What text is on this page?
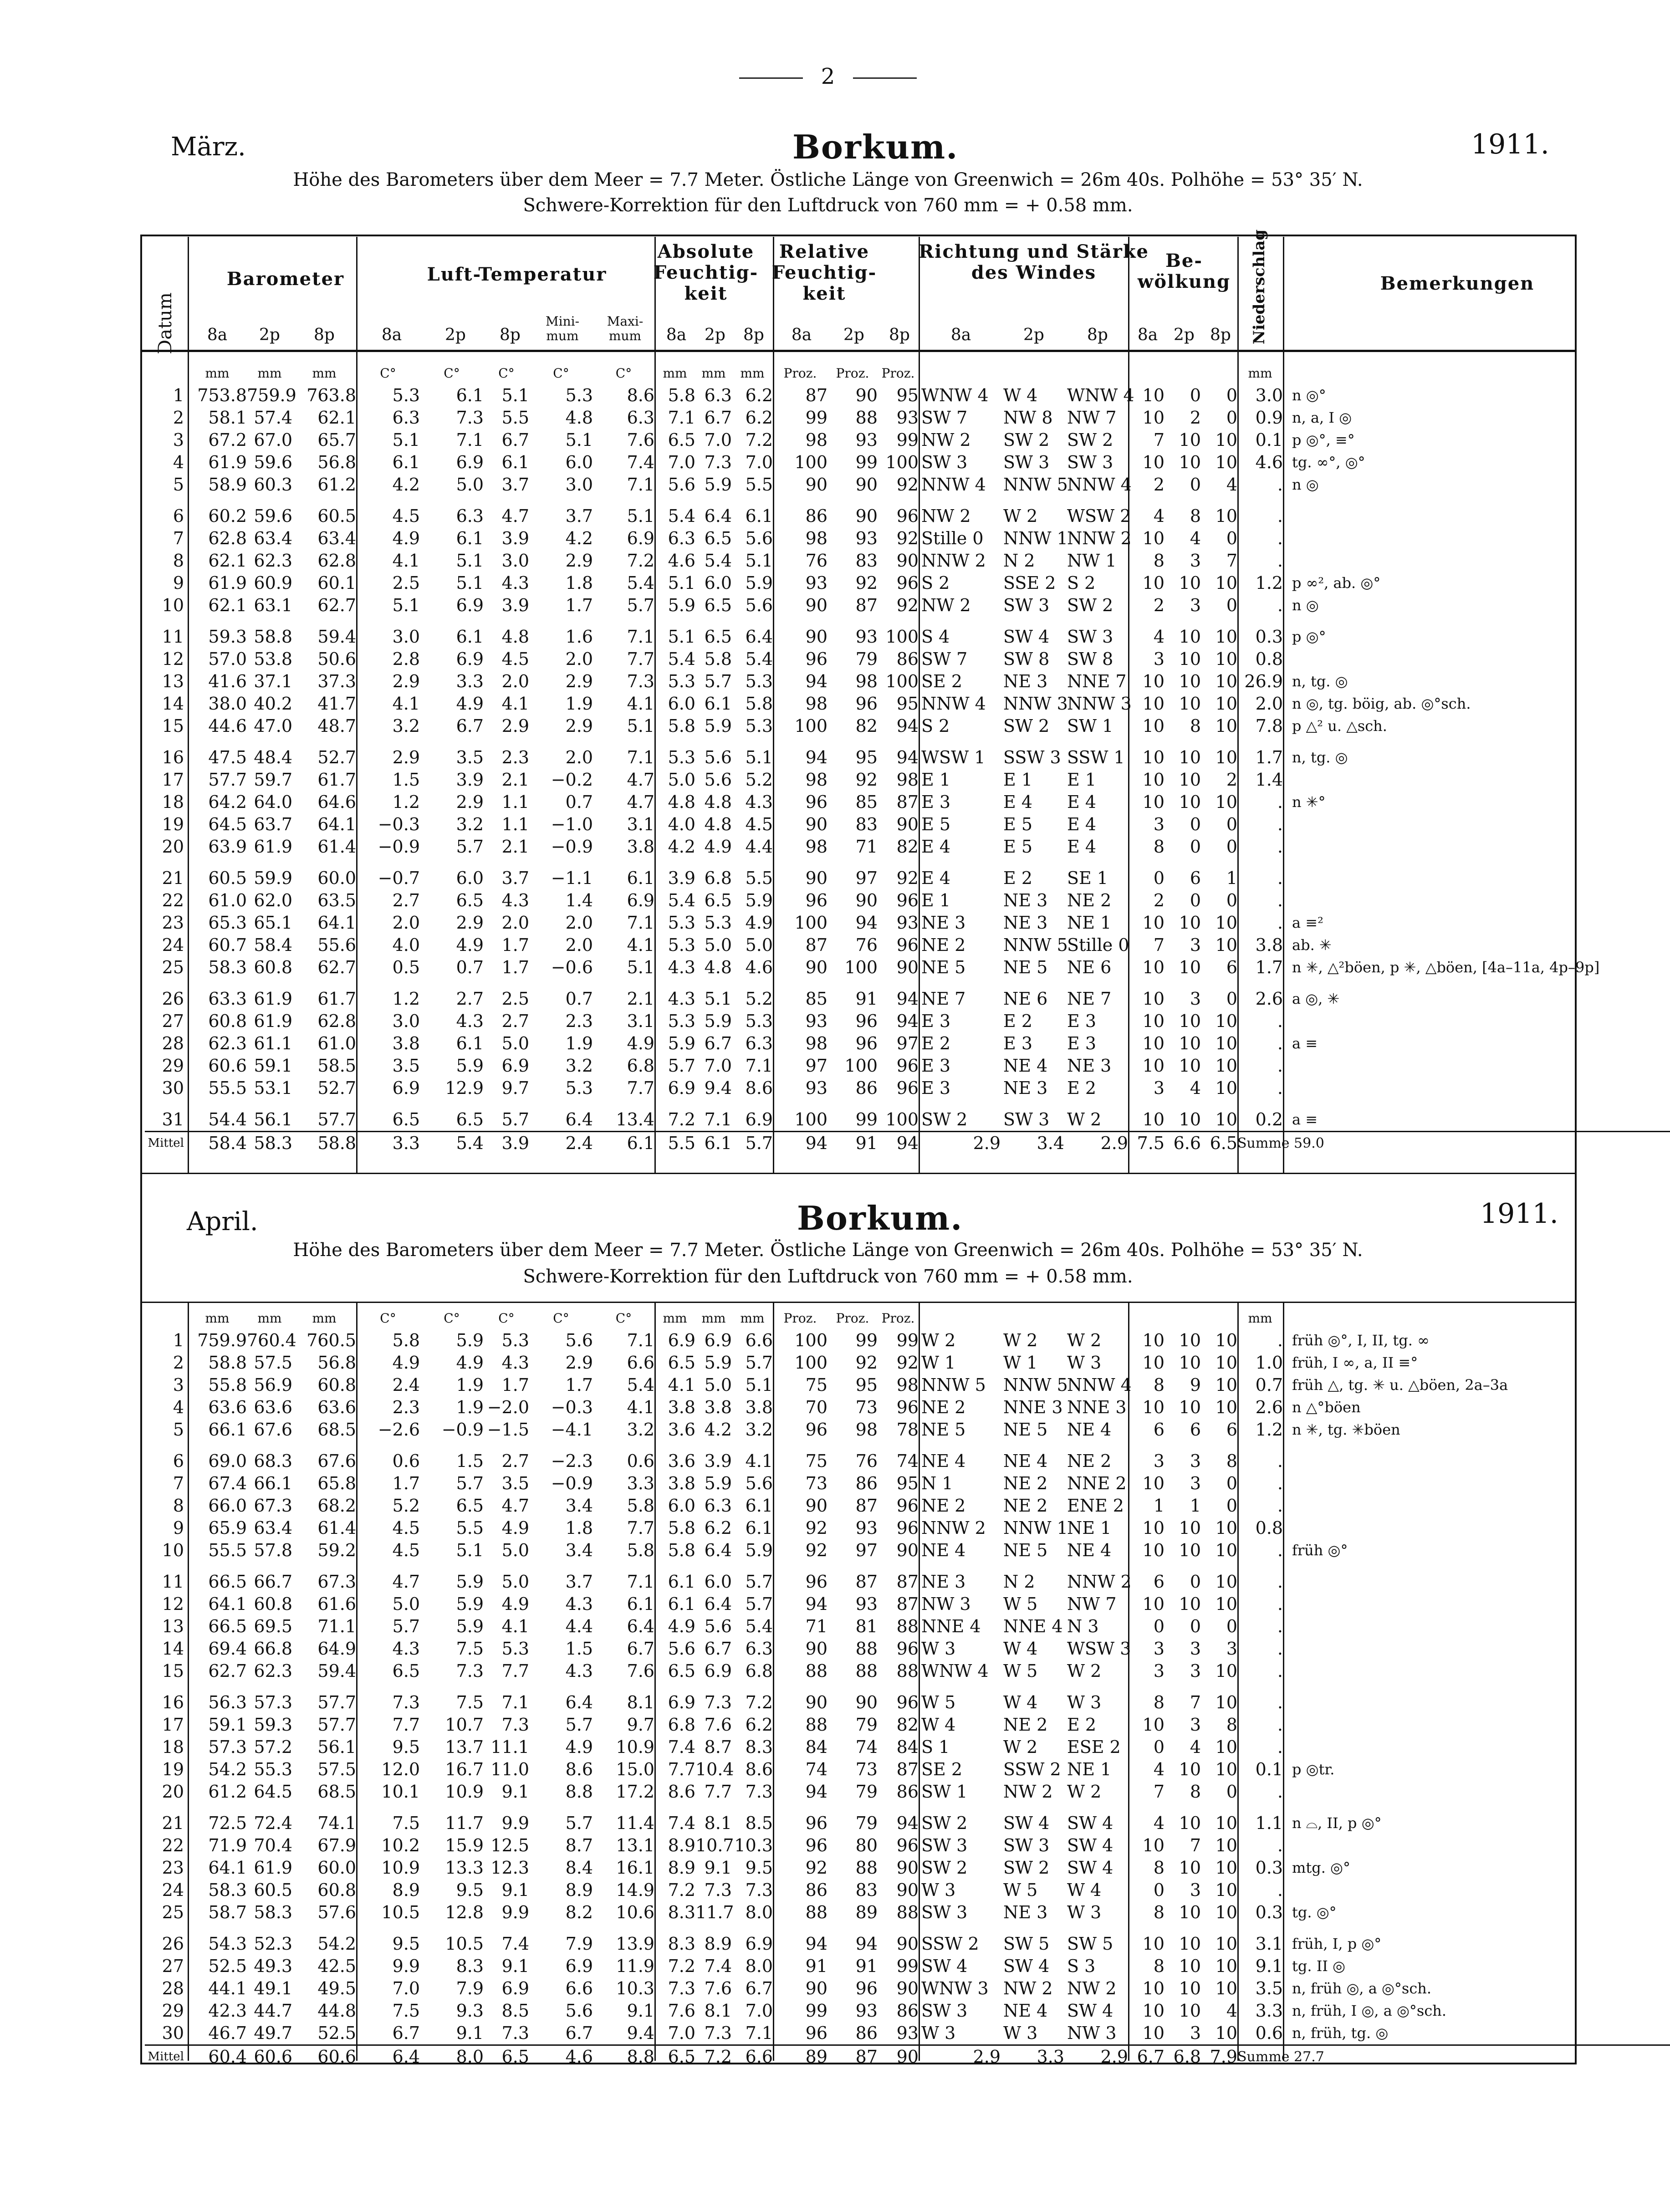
2
März.	Borkum.	1911.
Höhe des Barometers über dem Meer = 7.7 Meter. Östliche Länge von Greenwich = 26m 40s. Polhöhe = 53° 35′ N.
Schwere-Korrektion für den Luftdruck von 760 mm = + 0.58 mm.
April.	Borkum.	1911.
Höhe des Barometers über dem Meer = 7.7 Meter. Östliche Länge von Greenwich = 26m 40s. Polhöhe = 53° 35′ N.
Schwere-Korrektion für den Luftdruck von 760 mm = + 0.58 mm.
Datum
Barometer	Luft-Temperatur
Absolute Feuchtig- keit
Relative Feuchtig- keit
Richtung und Stärke des Windes
Be- wölkung	Niederschlag	Bemerkungen
8a	2p	8p	8a	2p	8p
Mini- mum
Maxi- mum	8a	2p	8p	8a	2p	8p	8a	2p	8p	8a 2p 8p
	mm	mm	mm	C°	C°	C°	C°	C°	mm	mm	mm	Proz.	Proz.	Proz.							mm	
1	753.8	759.9	763.8	5.3	6.1	5.1	5.3	8.6	5.8	6.3	6.2	87	90	95	WNW 4	W 4	WNW 4	10	0	0	3.0	n ◎°
2	58.1	57.4	62.1	6.3	7.3	5.5	4.8	6.3	7.1	6.7	6.2	99	88	93	SW 7	NW 8	NW 7	10	2	0	0.9	n, a, I ◎
3	67.2	67.0	65.7	5.1	7.1	6.7	5.1	7.6	6.5	7.0	7.2	98	93	99	NW 2	SW 2	SW 2	7	10	10	0.1	p ◎°, ≡°
4	61.9	59.6	56.8	6.1	6.9	6.1	6.0	7.4	7.0	7.3	7.0	100	99	100	SW 3	SW 3	SW 3	10	10	10	4.6	tg. ∞°, ◎°
5	58.9	60.3	61.2	4.2	5.0	3.7	3.0	7.1	5.6	5.9	5.5	90	90	92	NNW 4	NNW 5	NNW 4	2	0	4	.	n ◎
6	60.2	59.6	60.5	4.5	6.3	4.7	3.7	5.1	5.4	6.4	6.1	86	90	96	NW 2	W 2	WSW 2	4	8	10	.	
7	62.8	63.4	63.4	4.9	6.1	3.9	4.2	6.9	6.3	6.5	5.6	98	93	92	Stille 0	NNW 1	NNW 2	10	4	0	.	
8	62.1	62.3	62.8	4.1	5.1	3.0	2.9	7.2	4.6	5.4	5.1	76	83	90	NNW 2	N 2	NW 1	8	3	7	.	
9	61.9	60.9	60.1	2.5	5.1	4.3	1.8	5.4	5.1	6.0	5.9	93	92	96	S 2	SSE 2	S 2	10	10	10	1.2	p ∞², ab. ◎°
10	62.1	63.1	62.7	5.1	6.9	3.9	1.7	5.7	5.9	6.5	5.6	90	87	92	NW 2	SW 3	SW 2	2	3	0	.	n ◎
11	59.3	58.8	59.4	3.0	6.1	4.8	1.6	7.1	5.1	6.5	6.4	90	93	100	S 4	SW 4	SW 3	4	10	10	0.3	p ◎°
12	57.0	53.8	50.6	2.8	6.9	4.5	2.0	7.7	5.4	5.8	5.4	96	79	86	SW 7	SW 8	SW 8	3	10	10	0.8	
13	41.6	37.1	37.3	2.9	3.3	2.0	2.9	7.3	5.3	5.7	5.3	94	98	100	SE 2	NE 3	NNE 7	10	10	10	26.9	n, tg. ◎
14	38.0	40.2	41.7	4.1	4.9	4.1	1.9	4.1	6.0	6.1	5.8	98	96	95	NNW 4	NNW 3	NNW 3	10	10	10	2.0	n ◎, tg. böig, ab. ◎°sch.
15	44.6	47.0	48.7	3.2	6.7	2.9	2.9	5.1	5.8	5.9	5.3	100	82	94	S 2	SW 2	SW 1	10	8	10	7.8	p △² u. △sch.
16	47.5	48.4	52.7	2.9	3.5	2.3	2.0	7.1	5.3	5.6	5.1	94	95	94	WSW 1	SSW 3	SSW 1	10	10	10	1.7	n, tg. ◎
17	57.7	59.7	61.7	1.5	3.9	2.1	−0.2	4.7	5.0	5.6	5.2	98	92	98	E 1	E 1	E 1	10	10	2	1.4	
18	64.2	64.0	64.6	1.2	2.9	1.1	0.7	4.7	4.8	4.8	4.3	96	85	87	E 3	E 4	E 4	10	10	10	.	n ✳°
19	64.5	63.7	64.1	−0.3	3.2	1.1	−1.0	3.1	4.0	4.8	4.5	90	83	90	E 5	E 5	E 4	3	0	0	.	
20	63.9	61.9	61.4	−0.9	5.7	2.1	−0.9	3.8	4.2	4.9	4.4	98	71	82	E 4	E 5	E 4	8	0	0	.	
21	60.5	59.9	60.0	−0.7	6.0	3.7	−1.1	6.1	3.9	6.8	5.5	90	97	92	E 4	E 2	SE 1	0	6	1	.	
22	61.0	62.0	63.5	2.7	6.5	4.3	1.4	6.9	5.4	6.5	5.9	96	90	96	E 1	NE 3	NE 2	2	0	0	.	
23	65.3	65.1	64.1	2.0	2.9	2.0	2.0	7.1	5.3	5.3	4.9	100	94	93	NE 3	NE 3	NE 1	10	10	10	.	a ≡²
24	60.7	58.4	55.6	4.0	4.9	1.7	2.0	4.1	5.3	5.0	5.0	87	76	96	NE 2	NNW 5	Stille 0	7	3	10	3.8	ab. ✳
25	58.3	60.8	62.7	0.5	0.7	1.7	−0.6	5.1	4.3	4.8	4.6	90	100	90	NE 5	NE 5	NE 6	10	10	6	1.7	n ✳, △²böen, p ✳, △böen, [4a–11a, 4p–9p]
26	63.3	61.9	61.7	1.2	2.7	2.5	0.7	2.1	4.3	5.1	5.2	85	91	94	NE 7	NE 6	NE 7	10	3	0	2.6	a ◎, ✳
27	60.8	61.9	62.8	3.0	4.3	2.7	2.3	3.1	5.3	5.9	5.3	93	96	94	E 3	E 2	E 3	10	10	10	.	
28	62.3	61.1	61.0	3.8	6.1	5.0	1.9	4.9	5.9	6.7	6.3	98	96	97	E 2	E 3	E 3	10	10	10	.	a ≡
29	60.6	59.1	58.5	3.5	5.9	6.9	3.2	6.8	5.7	7.0	7.1	97	100	96	E 3	NE 4	NE 3	10	10	10	.	
30	55.5	53.1	52.7	6.9	12.9	9.7	5.3	7.7	6.9	9.4	8.6	93	86	96	E 3	NE 3	E 2	3	4	10	.	
31	54.4	56.1	57.7	6.5	6.5	5.7	6.4	13.4	7.2	7.1	6.9	100	99	100	SW 2	SW 3	W 2	10	10	10	0.2	a ≡
Mittel	58.4	58.3	58.8	3.3	5.4	3.9	2.4	6.1	5.5	6.1	5.7	94	91	94	2.9	3.4	2.9	7.5	6.6	6.5	Summe 59.0	
	mm	mm	mm	C°	C°	C°	C°	C°	mm	mm	mm	Proz.	Proz.	Proz.							mm	
1	759.9	760.4	760.5	5.8	5.9	5.3	5.6	7.1	6.9	6.9	6.6	100	99	99	W 2	W 2	W 2	10	10	10	.	früh ◎°, I, II, tg. ∞
2	58.8	57.5	56.8	4.9	4.9	4.3	2.9	6.6	6.5	5.9	5.7	100	92	92	W 1	W 1	W 3	10	10	10	1.0	früh, I ∞, a, II ≡°
3	55.8	56.9	60.8	2.4	1.9	1.7	1.7	5.4	4.1	5.0	5.1	75	95	98	NNW 5	NNW 5	NNW 4	8	9	10	0.7	früh △, tg. ✳ u. △böen, 2a–3a
4	63.6	63.6	63.6	2.3	1.9	−2.0	−0.3	4.1	3.8	3.8	3.8	70	73	96	NE 2	NNE 3	NNE 3	10	10	10	2.6	n △°böen
5	66.1	67.6	68.5	−2.6	−0.9	−1.5	−4.1	3.2	3.6	4.2	3.2	96	98	78	NE 5	NE 5	NE 4	6	6	6	1.2	n ✳, tg. ✳böen
6	69.0	68.3	67.6	0.6	1.5	2.7	−2.3	0.6	3.6	3.9	4.1	75	76	74	NE 4	NE 4	NE 2	3	3	8	.	
7	67.4	66.1	65.8	1.7	5.7	3.5	−0.9	3.3	3.8	5.9	5.6	73	86	95	N 1	NE 2	NNE 2	10	3	0	.	
8	66.0	67.3	68.2	5.2	6.5	4.7	3.4	5.8	6.0	6.3	6.1	90	87	96	NE 2	NE 2	ENE 2	1	1	0	.	
9	65.9	63.4	61.4	4.5	5.5	4.9	1.8	7.7	5.8	6.2	6.1	92	93	96	NNW 2	NNW 1	NE 1	10	10	10	0.8	
10	55.5	57.8	59.2	4.5	5.1	5.0	3.4	5.8	5.8	6.4	5.9	92	97	90	NE 4	NE 5	NE 4	10	10	10	.	früh ◎°
11	66.5	66.7	67.3	4.7	5.9	5.0	3.7	7.1	6.1	6.0	5.7	96	87	87	NE 3	N 2	NNW 2	6	0	10	.	
12	64.1	60.8	61.6	5.0	5.9	4.9	4.3	6.1	6.1	6.4	5.7	94	93	87	NW 3	W 5	NW 7	10	10	10	.	
13	66.5	69.5	71.1	5.7	5.9	4.1	4.4	6.4	4.9	5.6	5.4	71	81	88	NNE 4	NNE 4	N 3	0	0	0	.	
14	69.4	66.8	64.9	4.3	7.5	5.3	1.5	6.7	5.6	6.7	6.3	90	88	96	W 3	W 4	WSW 3	3	3	3	.	
15	62.7	62.3	59.4	6.5	7.3	7.7	4.3	7.6	6.5	6.9	6.8	88	88	88	WNW 4	W 5	W 2	3	3	10	.	
16	56.3	57.3	57.7	7.3	7.5	7.1	6.4	8.1	6.9	7.3	7.2	90	90	96	W 5	W 4	W 3	8	7	10	.	
17	59.1	59.3	57.7	7.7	10.7	7.3	5.7	9.7	6.8	7.6	6.2	88	79	82	W 4	NE 2	E 2	10	3	8	.	
18	57.3	57.2	56.1	9.5	13.7	11.1	4.9	10.9	7.4	8.7	8.3	84	74	84	S 1	W 2	ESE 2	0	4	10	.	
19	54.2	55.3	57.5	12.0	16.7	11.0	8.6	15.0	7.7	10.4	8.6	74	73	87	SE 2	SSW 2	NE 1	4	10	10	0.1	p ◎tr.
20	61.2	64.5	68.5	10.1	10.9	9.1	8.8	17.2	8.6	7.7	7.3	94	79	86	SW 1	NW 2	W 2	7	8	0	.	
21	72.5	72.4	74.1	7.5	11.7	9.9	5.7	11.4	7.4	8.1	8.5	96	79	94	SW 2	SW 4	SW 4	4	10	10	1.1	n ⌓, II, p ◎°
22	71.9	70.4	67.9	10.2	15.9	12.5	8.7	13.1	8.9	10.7	10.3	96	80	96	SW 3	SW 3	SW 4	10	7	10	.	
23	64.1	61.9	60.0	10.9	13.3	12.3	8.4	16.1	8.9	9.1	9.5	92	88	90	SW 2	SW 2	SW 4	8	10	10	0.3	mtg. ◎°
24	58.3	60.5	60.8	8.9	9.5	9.1	8.9	14.9	7.2	7.3	7.3	86	83	90	W 3	W 5	W 4	0	3	10	.	
25	58.7	58.3	57.6	10.5	12.8	9.9	8.2	10.6	8.3	11.7	8.0	88	89	88	SW 3	NE 3	W 3	8	10	10	0.3	tg. ◎°
26	54.3	52.3	54.2	9.5	10.5	7.4	7.9	13.9	8.3	8.9	6.9	94	94	90	SSW 2	SW 5	SW 5	10	10	10	3.1	früh, I, p ◎°
27	52.5	49.3	42.5	9.9	8.3	9.1	6.9	11.9	7.2	7.4	8.0	91	91	99	SW 4	SW 4	S 3	8	10	10	9.1	tg. II ◎
28	44.1	49.1	49.5	7.0	7.9	6.9	6.6	10.3	7.3	7.6	6.7	90	96	90	WNW 3	NW 2	NW 2	10	10	10	3.5	n, früh ◎, a ◎°sch.
29	42.3	44.7	44.8	7.5	9.3	8.5	5.6	9.1	7.6	8.1	7.0	99	93	86	SW 3	NE 4	SW 4	10	10	4	3.3	n, früh, I ◎, a ◎°sch.
30	46.7	49.7	52.5	6.7	9.1	7.3	6.7	9.4	7.0	7.3	7.1	96	86	93	W 3	W 3	NW 3	10	3	10	0.6	n, früh, tg. ◎
Mittel	60.4	60.6	60.6	6.4	8.0	6.5	4.6	8.8	6.5	7.2	6.6	89	87	90	2.9	3.3	2.9	6.7	6.8	7.9	Summe 27.7	
